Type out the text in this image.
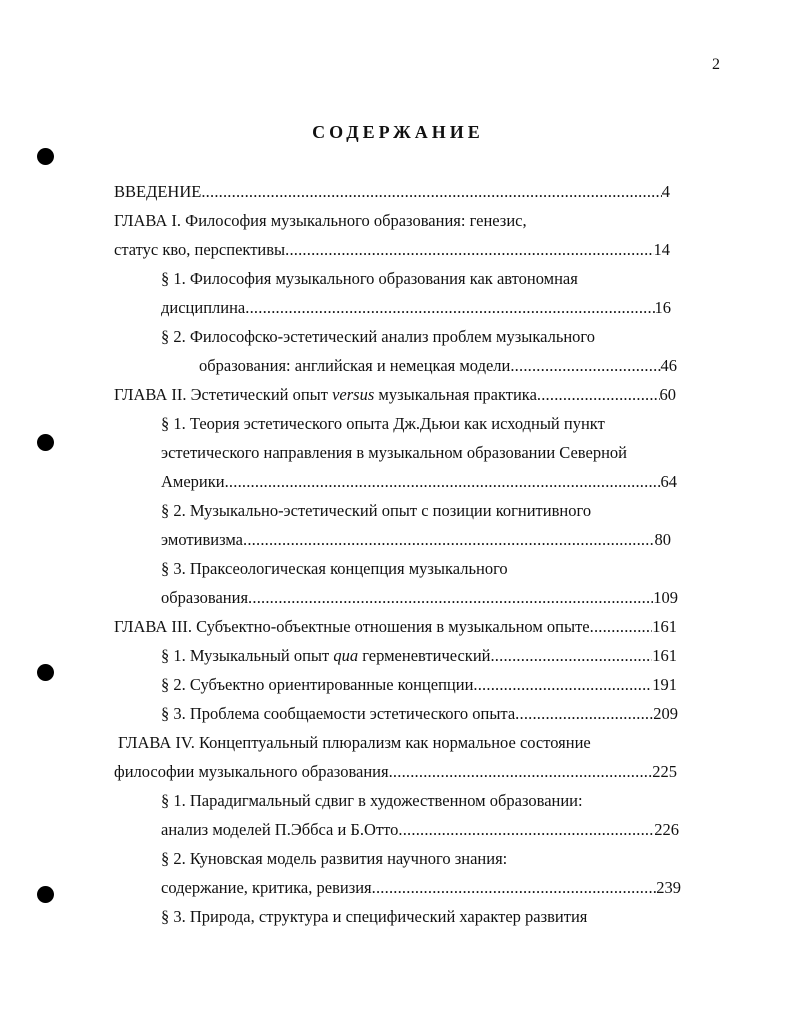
2
СОДЕРЖАНИЕ
ВВЕДЕНИЕ .....	4
ГЛАВА I. Философия музыкального образования: генезис,
статус кво, перспективы .....	14
§ 1. Философия музыкального образования как автономная
дисциплина .....	16
§ 2. Философско-эстетический анализ проблем музыкального
образования: английская и немецкая модели .....	46
ГЛАВА II. Эстетический опыт versus музыкальная практика .....	60
§ 1. Теория эстетического опыта Дж.Дьюи как исходный пункт
эстетического направления в музыкальном образовании Северной
Америки .....	64
§ 2. Музыкально-эстетический опыт с позиции когнитивного
эмотивизма .....	80
§ 3. Праксеологическая концепция музыкального
образования .....	109
ГЛАВА III. Субъектно-объектные отношения в музыкальном опыте .....	161
§ 1. Музыкальный опыт qua герменевтический .....	161
§ 2. Субъектно ориентированные концепции .....	191
§ 3. Проблема сообщаемости эстетического опыта .....	209
ГЛАВА IV. Концептуальный плюрализм как нормальное состояние
философии музыкального образования .....	225
§ 1. Парадигмальный сдвиг в художественном образовании:
анализ моделей П.Эббса и Б.Отто .....	226
§ 2. Куновская модель развития научного знания:
содержание, критика, ревизия .....	239
§ 3. Природа, структура и специфический характер развития
